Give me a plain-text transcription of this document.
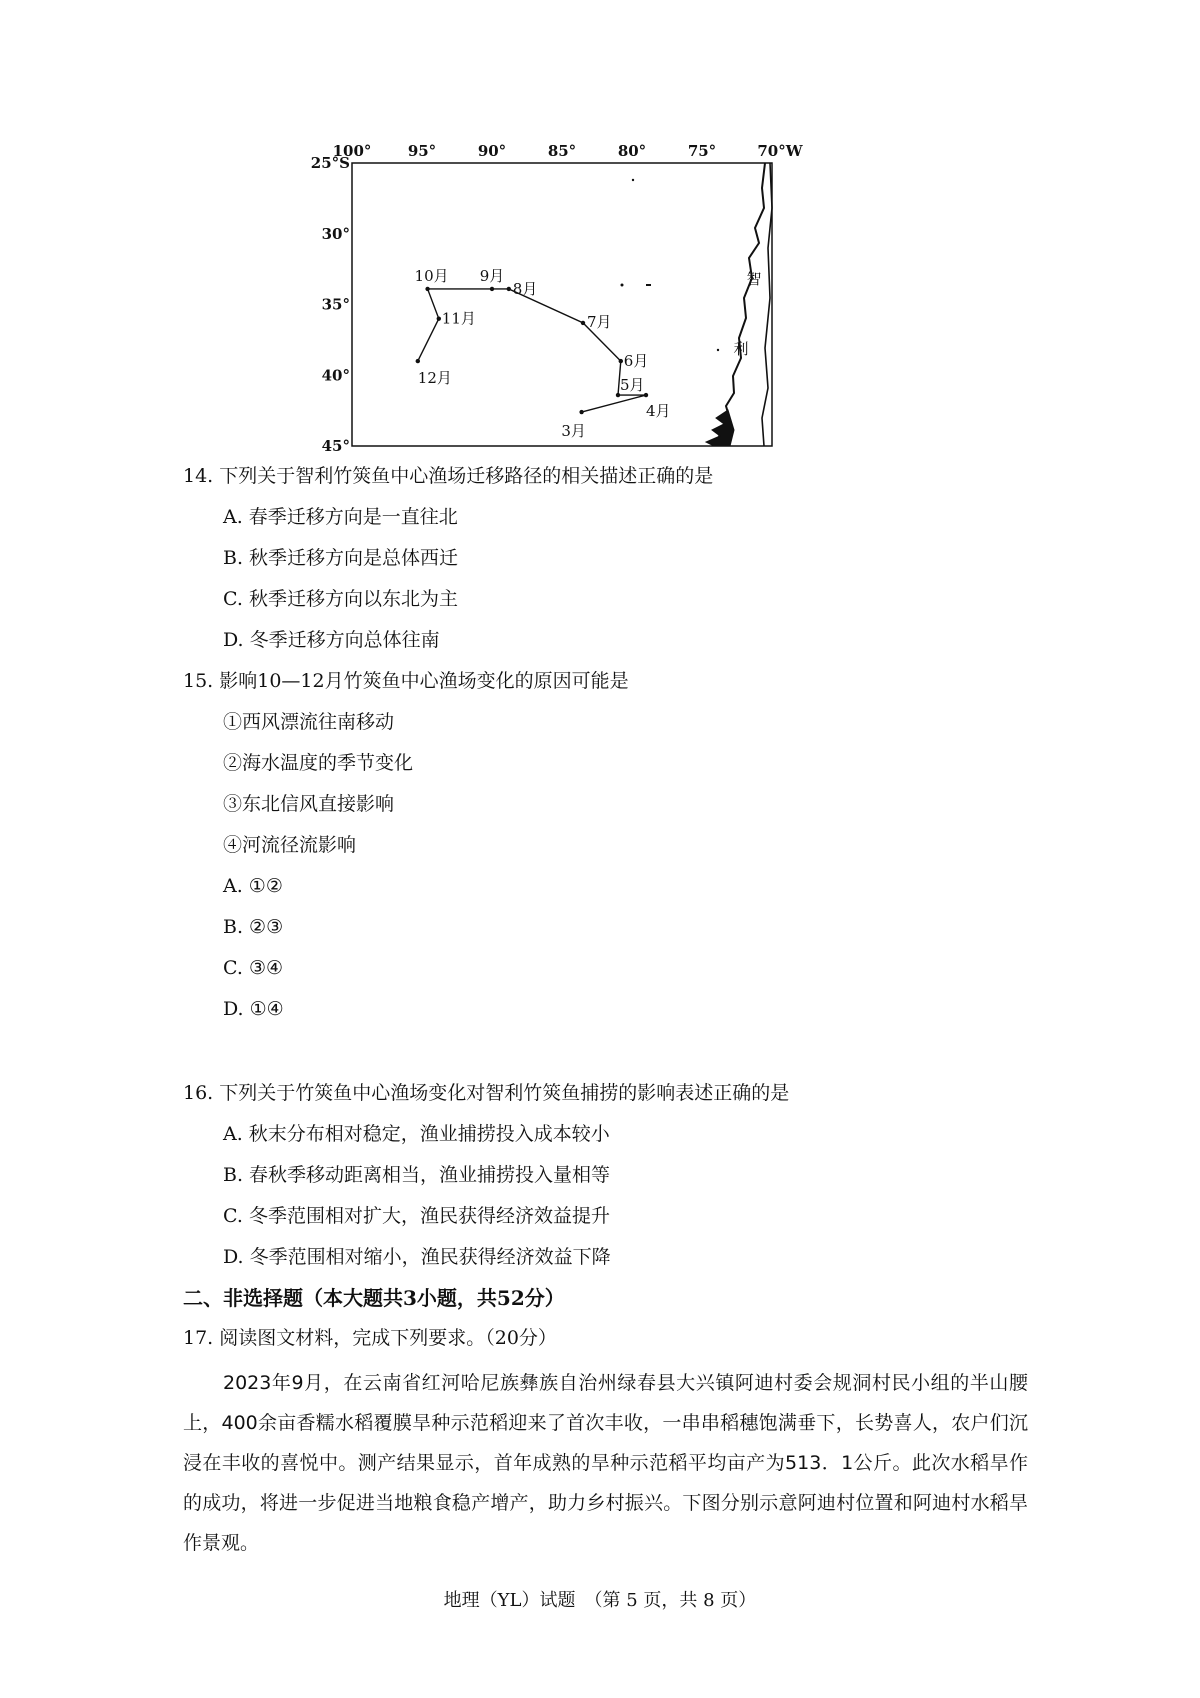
100° 95°	90°	85°	80°	75°	70°W
25°S
30°
35°
40°
45°
智
利
3月
4月
5月
6月
7月
8月
9月
10月
11月
12月
14. 下列关于智利竹筴鱼中心渔场迁移路径的相关描述正确的是
A. 春季迁移方向是一直往北
B. 秋季迁移方向是总体西迁
C. 秋季迁移方向以东北为主
D. 冬季迁移方向总体往南
15. 影响10—12月竹筴鱼中心渔场变化的原因可能是
①西风漂流往南移动
②海水温度的季节变化
③东北信风直接影响
④河流径流影响
A. ①②
B. ②③
C. ③④
D. ①④
16. 下列关于竹筴鱼中心渔场变化对智利竹筴鱼捕捞的影响表述正确的是
A. 秋末分布相对稳定，渔业捕捞投入成本较小
B. 春秋季移动距离相当，渔业捕捞投入量相等
C. 冬季范围相对扩大，渔民获得经济效益提升
D. 冬季范围相对缩小，渔民获得经济效益下降
二、非选择题（本大题共3小题，共52分）
17. 阅读图文材料，完成下列要求。（20分）
2023年9月，在云南省红河哈尼族彝族自治州绿春县大兴镇阿迪村委会规洞村民小组的半山腰上，400余亩香糯水稻覆膜旱种示范稻迎来了首次丰收，一串串稻穗饱满垂下，长势喜人，农户们沉浸在丰收的喜悦中。测产结果显示，首年成熟的旱种示范稻平均亩产为513．1公斤。此次水稻旱作的成功，将进一步促进当地粮食稳产增产，助力乡村振兴。下图分别示意阿迪村位置和阿迪村水稻旱作景观。
地理（YL）试题　（第 5 页，共 8 页）
